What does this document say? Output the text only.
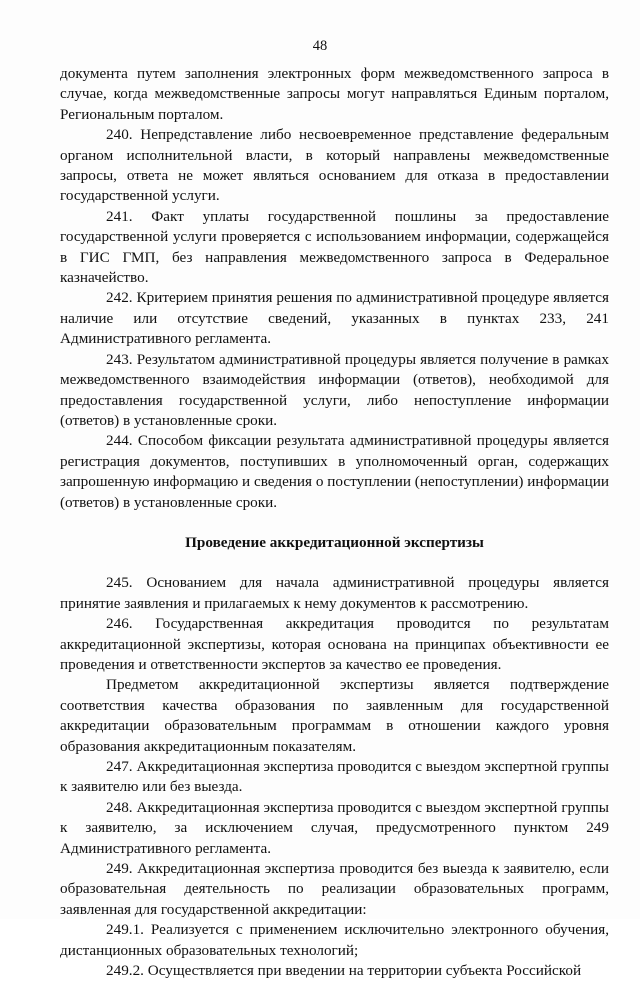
48

документа путем заполнения электронных форм межведомственного запроса в случае, когда межведомственные запросы могут направляться Единым порталом, Региональным порталом.

240. Непредставление либо несвоевременное представление федеральным органом исполнительной власти, в который направлены межведомственные запросы, ответа не может являться основанием для отказа в предоставлении государственной услуги.

241. Факт уплаты государственной пошлины за предоставление государственной услуги проверяется с использованием информации, содержащейся в ГИС ГМП, без направления межведомственного запроса в Федеральное казначейство.

242. Критерием принятия решения по административной процедуре является наличие или отсутствие сведений, указанных в пунктах 233, 241 Административного регламента.

243. Результатом административной процедуры является получение в рамках межведомственного взаимодействия информации (ответов), необходимой для предоставления государственной услуги, либо непоступление информации (ответов) в установленные сроки.

244. Способом фиксации результата административной процедуры является регистрация документов, поступивших в уполномоченный орган, содержащих запрошенную информацию и сведения о поступлении (непоступлении) информации (ответов) в установленные сроки.

Проведение аккредитационной экспертизы

245. Основанием для начала административной процедуры является принятие заявления и прилагаемых к нему документов к рассмотрению.

246. Государственная аккредитация проводится по результатам аккредитационной экспертизы, которая основана на принципах объективности ее проведения и ответственности экспертов за качество ее проведения.

Предметом аккредитационной экспертизы является подтверждение соответствия качества образования по заявленным для государственной аккредитации образовательным программам в отношении каждого уровня образования аккредитационным показателям.

247. Аккредитационная экспертиза проводится с выездом экспертной группы к заявителю или без выезда.

248. Аккредитационная экспертиза проводится с выездом экспертной группы к заявителю, за исключением случая, предусмотренного пунктом 249 Административного регламента.

249. Аккредитационная экспертиза проводится без выезда к заявителю, если образовательная деятельность по реализации образовательных программ, заявленная для государственной аккредитации:

249.1. Реализуется с применением исключительно электронного обучения, дистанционных образовательных технологий;

249.2. Осуществляется при введении на территории субъекта Российской
